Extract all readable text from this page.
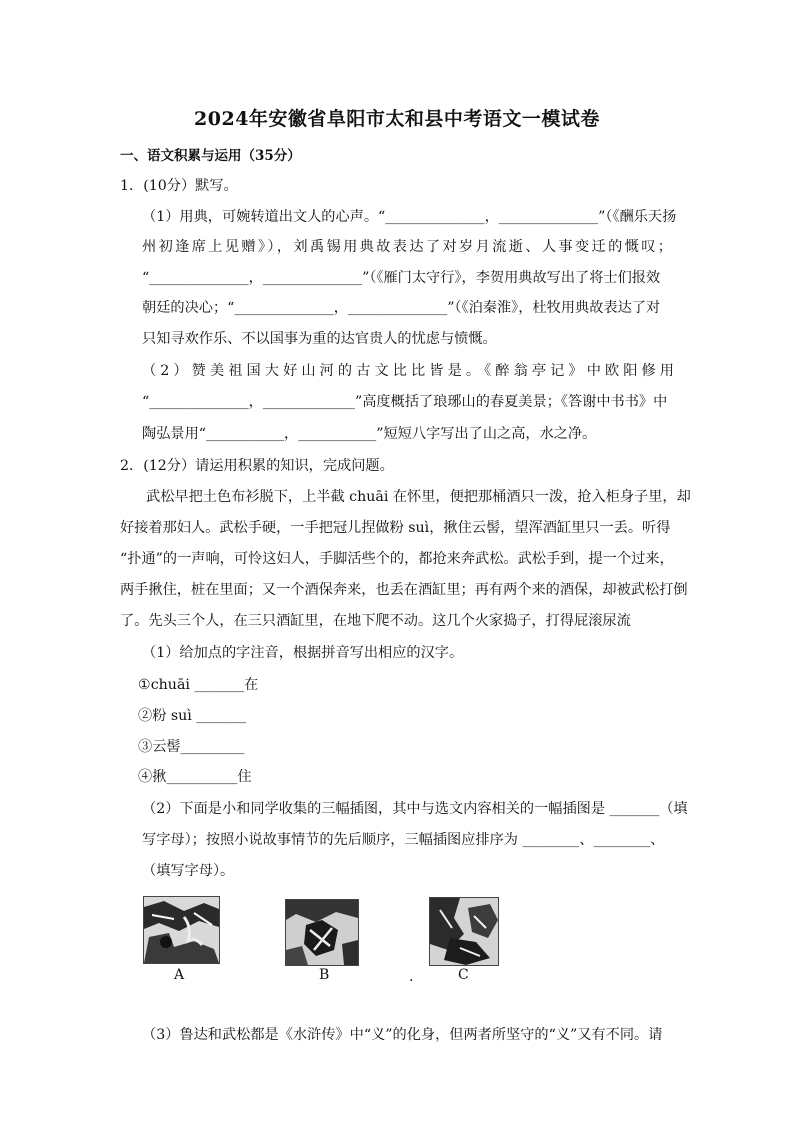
2024年安徽省阜阳市太和县中考语文一模试卷
一、语文积累与运用（35分）
1．(10分）默写。
（1）用典，可婉转道出文人的心声。“______________，______________”（《酬乐天扬
州初逢席上见赠》），刘禹锡用典故表达了对岁月流逝、人事变迁的慨叹；
“______________，______________”（《雁门太守行》，李贺用典故写出了将士们报效
朝廷的决心；“______________，______________”（《泊秦淮》，杜牧用典故表达了对
只知寻欢作乐、不以国事为重的达官贵人的忧虑与愤慨。
（2）赞美祖国大好山河的古文比比皆是。《醉翁亭记》中欧阳修用
“______________，_____________”高度概括了琅琊山的春夏美景；《答谢中书书》中
陶弘景用“___________，___________”短短八字写出了山之高，水之净。
2．(12分）请运用积累的知识，完成问题。
武松早把土色布衫脱下，上半截 chuāi 在怀里，便把那桶酒只一泼，抢入柜身子里，却
好接着那妇人。武松手硬，一手把冠儿捏做粉 suì，揪住云髻，望浑酒缸里只一丢。听得
“扑通”的一声响，可怜这妇人，手脚活些个的，都抢来奔武松。武松手到，提一个过来，
两手揪住，桩在里面；又一个酒保奔来，也丢在酒缸里；再有两个来的酒保，却被武松打倒
了。先头三个人，在三只酒缸里，在地下爬不动。这几个火家捣子，打得屁滚尿流
（1）给加点的字注音，根据拼音写出相应的汉字。
①chuāi _______在
②粉 suì _______
③云髻_________
④揪__________住
（2）下面是小和同学收集的三幅插图，其中与选文内容相关的一幅插图是 _______（填
写字母）；按照小说故事情节的先后顺序，三幅插图应排序为 ________、________、
（填写字母）。
A	B	.	C
（3）鲁达和武松都是《水浒传》中“义”的化身，但两者所坚守的“义”又有不同。请
